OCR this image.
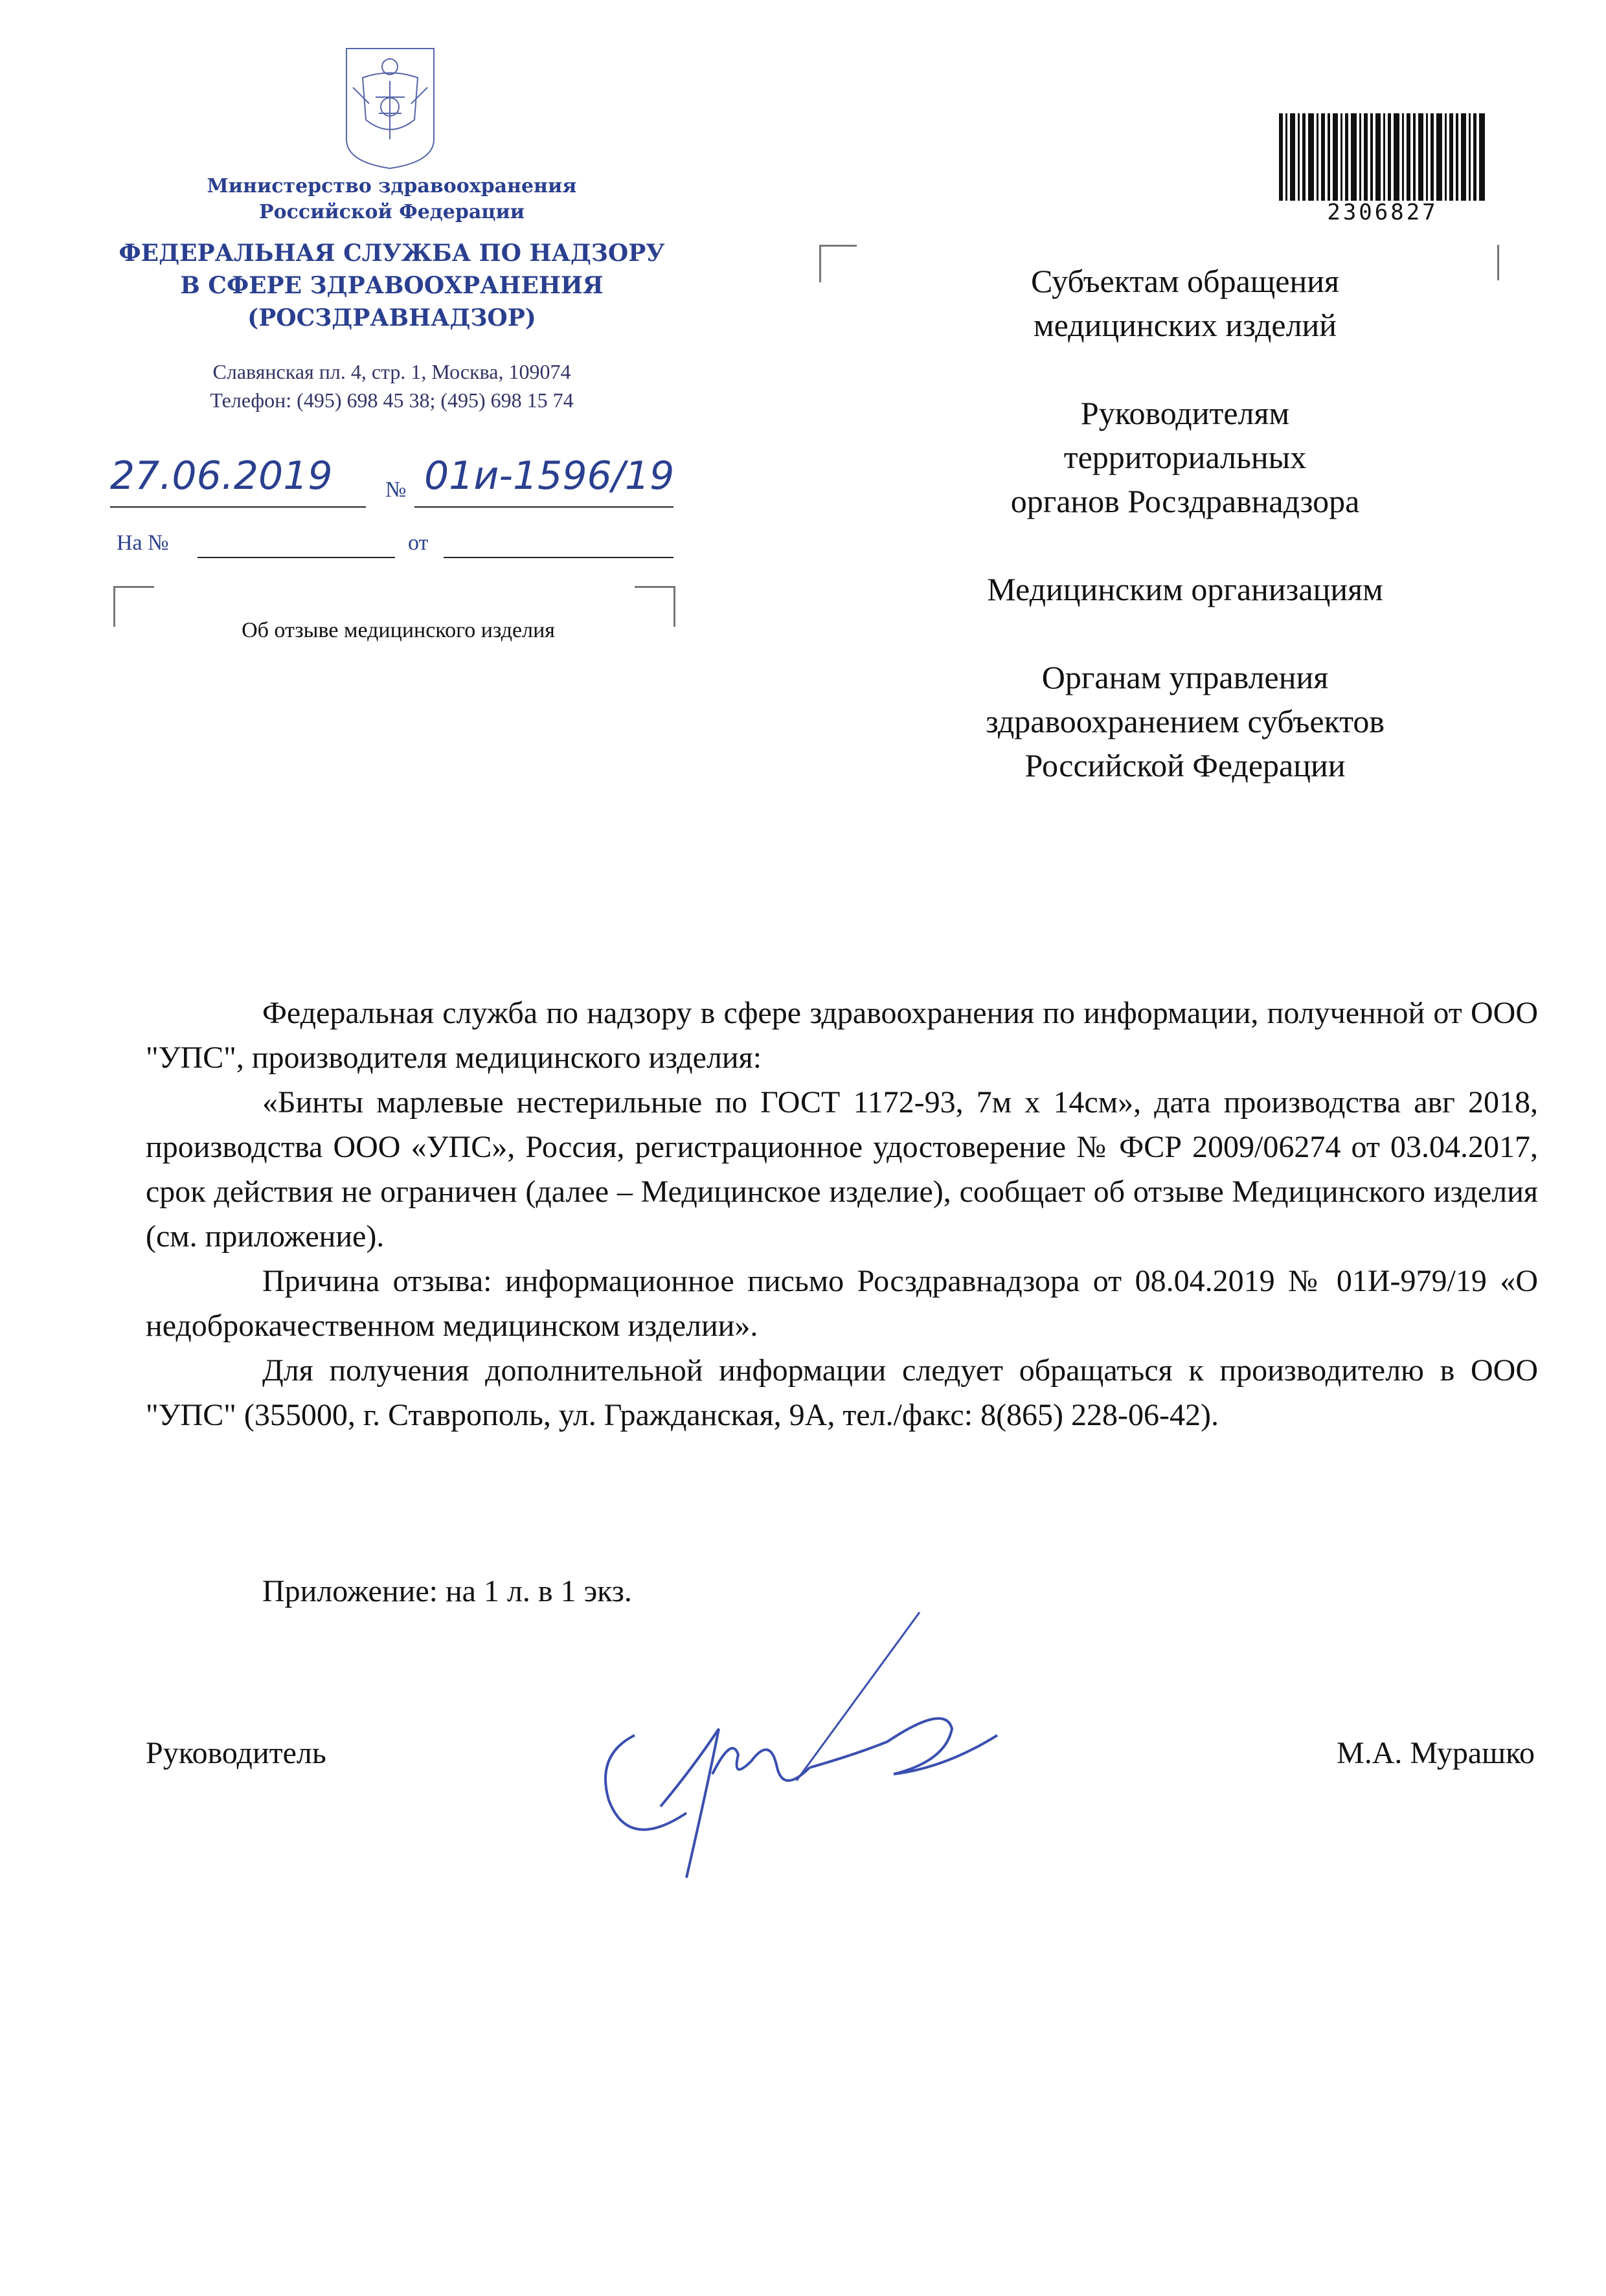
Министерство здравоохранения
Российской Федерации
ФЕДЕРАЛЬНАЯ СЛУЖБА ПО НАДЗОРУ
В СФЕРЕ ЗДРАВООХРАНЕНИЯ
(РОСЗДРАВНАДЗОР)
Славянская пл. 4, стр. 1, Москва, 109074
Телефон: (495) 698 45 38; (495) 698 15 74
27.06.2019 № 01и-1596/19
На №	от
2306827
Субъектам обращения
медицинских изделий
Руководителям
территориальных
органов Росздравнадзора
Медицинским организациям
Органам управления
здравоохранением субъектов
Российской Федерации
Об отзыве медицинского изделия

Федеральная служба по надзору в сфере здравоохранения по информации, полученной от ООО "УПС", производителя медицинского изделия:

«Бинты марлевые нестерильные по ГОСТ 1172-93, 7м х 14см», дата производства авг 2018, производства ООО «УПС», Россия, регистрационное удостоверение № ФСР 2009/06274 от 03.04.2017, срок действия не ограничен (далее – Медицинское изделие), сообщает об отзыве Медицинского изделия (см. приложение).

Причина отзыва: информационное письмо Росздравнадзора от 08.04.2019 № 01И-979/19 «О недоброкачественном медицинском изделии».

Для получения дополнительной информации следует обращаться к производителю в ООО "УПС" (355000, г. Ставрополь, ул. Гражданская, 9А, тел./факс: 8(865) 228-06-42).

Приложение: на 1 л. в 1 экз.
Руководитель	М.А. Мурашко
